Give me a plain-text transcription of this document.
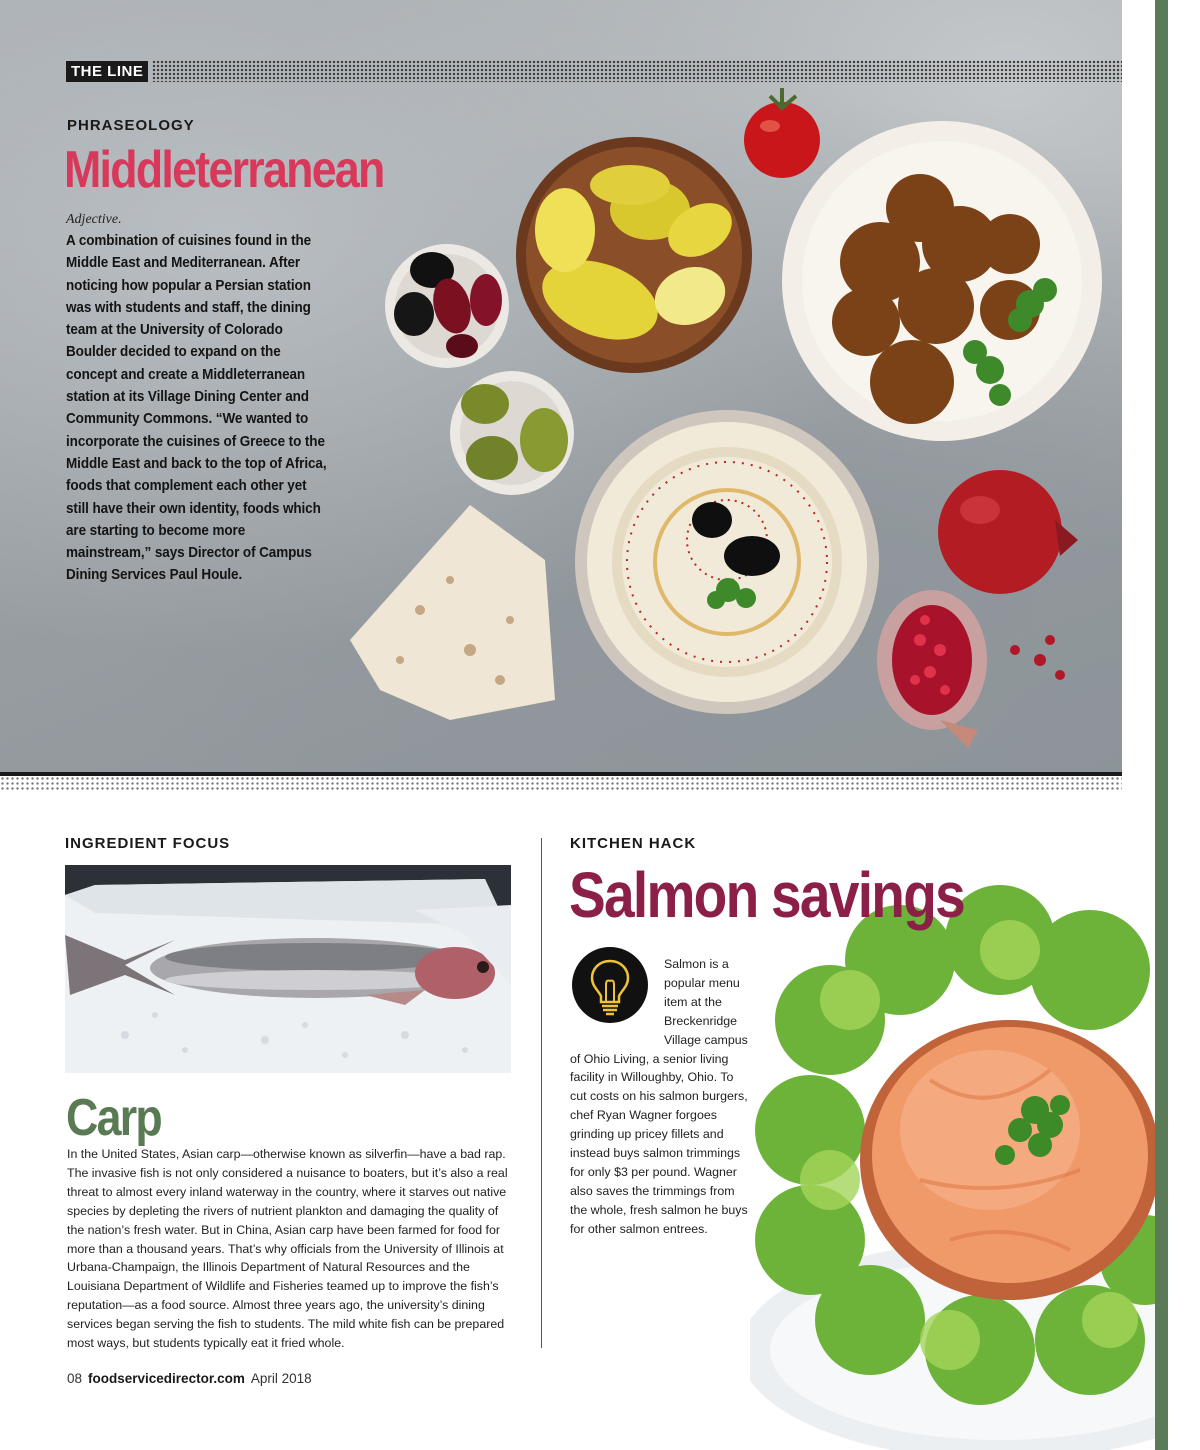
THE LINE
PHRASEOLOGY
Middleterranean
Adjective.
A combination of cuisines found in the Middle East and Mediterranean. After noticing how popular a Persian station was with students and staff, the dining team at the University of Colorado Boulder decided to expand on the concept and create a Middleterranean station at its Village Dining Center and Community Commons. “We wanted to incorporate the cuisines of Greece to the Middle East and back to the top of Africa, foods that complement each other yet still have their own identity, foods which are starting to become more mainstream,” says Director of Campus Dining Services Paul Houle.
INGREDIENT FOCUS
Carp
In the United States, Asian carp—otherwise known as silverfin—have a bad rap. The invasive fish is not only considered a nuisance to boaters, but it’s also a real threat to almost every inland waterway in the country, where it starves out native species by depleting the rivers of nutrient plankton and damaging the quality of the nation’s fresh water. But in China, Asian carp have been farmed for food for more than a thousand years. That’s why officials from the University of Illinois at Urbana-Champaign, the Illinois Department of Natural Resources and the Louisiana Department of Wildlife and Fisheries teamed up to improve the fish’s reputation—as a food source. Almost three years ago, the university’s dining services began serving the fish to students. The mild white fish can be prepared most ways, but students typically eat it fried whole.
08 foodservicedirector.com April 2018
KITCHEN HACK
Salmon savings
Salmon is a popular menu item at the Breckenridge Village campus of Ohio Living, a senior living facility in Willoughby, Ohio. To cut costs on his salmon burgers, chef Ryan Wagner forgoes grinding up pricey fillets and instead buys salmon trimmings for only $3 per pound. Wagner also saves the trimmings from the whole, fresh salmon he buys for other salmon entrees.
